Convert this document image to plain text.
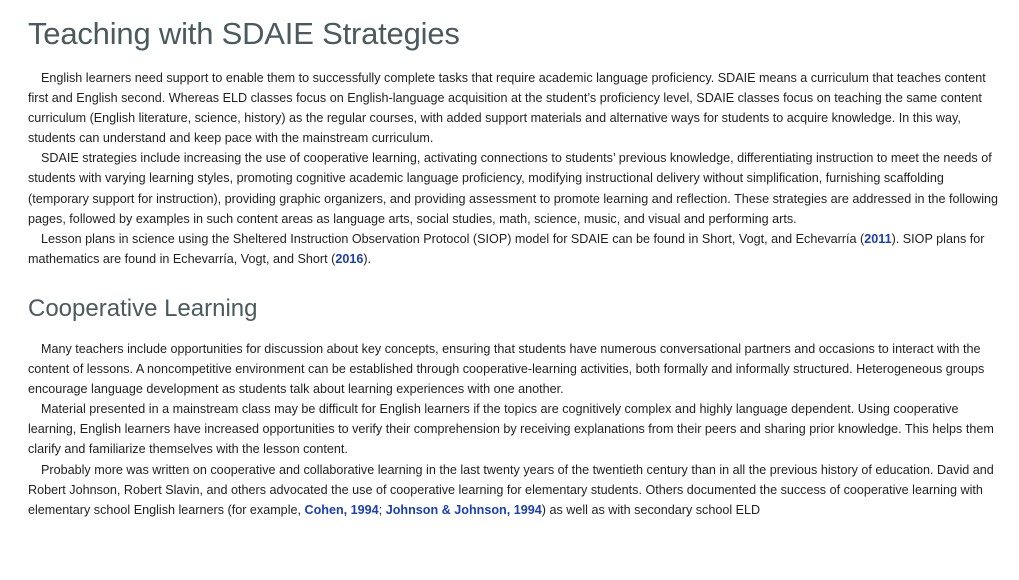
Teaching with SDAIE Strategies

English learners need support to enable them to successfully complete tasks that require academic language proficiency. SDAIE means a curriculum that teaches content first and English second. Whereas ELD classes focus on English-language acquisition at the student’s proficiency level, SDAIE classes focus on teaching the same content curriculum (English literature, science, history) as the regular courses, with added support materials and alternative ways for students to acquire knowledge. In this way, students can understand and keep pace with the mainstream curriculum.

SDAIE strategies include increasing the use of cooperative learning, activating connections to students’ previous knowledge, differentiating instruction to meet the needs of students with varying learning styles, promoting cognitive academic language proficiency, modifying instructional delivery without simplification, furnishing scaffolding (temporary support for instruction), providing graphic organizers, and providing assessment to promote learning and reflection. These strategies are addressed in the following pages, followed by examples in such content areas as language arts, social studies, math, science, music, and visual and performing arts.

Lesson plans in science using the Sheltered Instruction Observation Protocol (SIOP) model for SDAIE can be found in Short, Vogt, and Echevarría (2011). SIOP plans for mathematics are found in Echevarría, Vogt, and Short (2016).

Cooperative Learning

Many teachers include opportunities for discussion about key concepts, ensuring that students have numerous conversational partners and occasions to interact with the content of lessons. A noncompetitive environment can be established through cooperative-learning activities, both formally and informally structured. Heterogeneous groups encourage language development as students talk about learning experiences with one another.

Material presented in a mainstream class may be difficult for English learners if the topics are cognitively complex and highly language dependent. Using cooperative learning, English learners have increased opportunities to verify their comprehension by receiving explanations from their peers and sharing prior knowledge. This helps them clarify and familiarize themselves with the lesson content.

Probably more was written on cooperative and collaborative learning in the last twenty years of the twentieth century than in all the previous history of education. David and Robert Johnson, Robert Slavin, and others advocated the use of cooperative learning for elementary students. Others documented the success of cooperative learning with elementary school English learners (for example, Cohen, 1994; Johnson & Johnson, 1994) as well as with secondary school ELD
